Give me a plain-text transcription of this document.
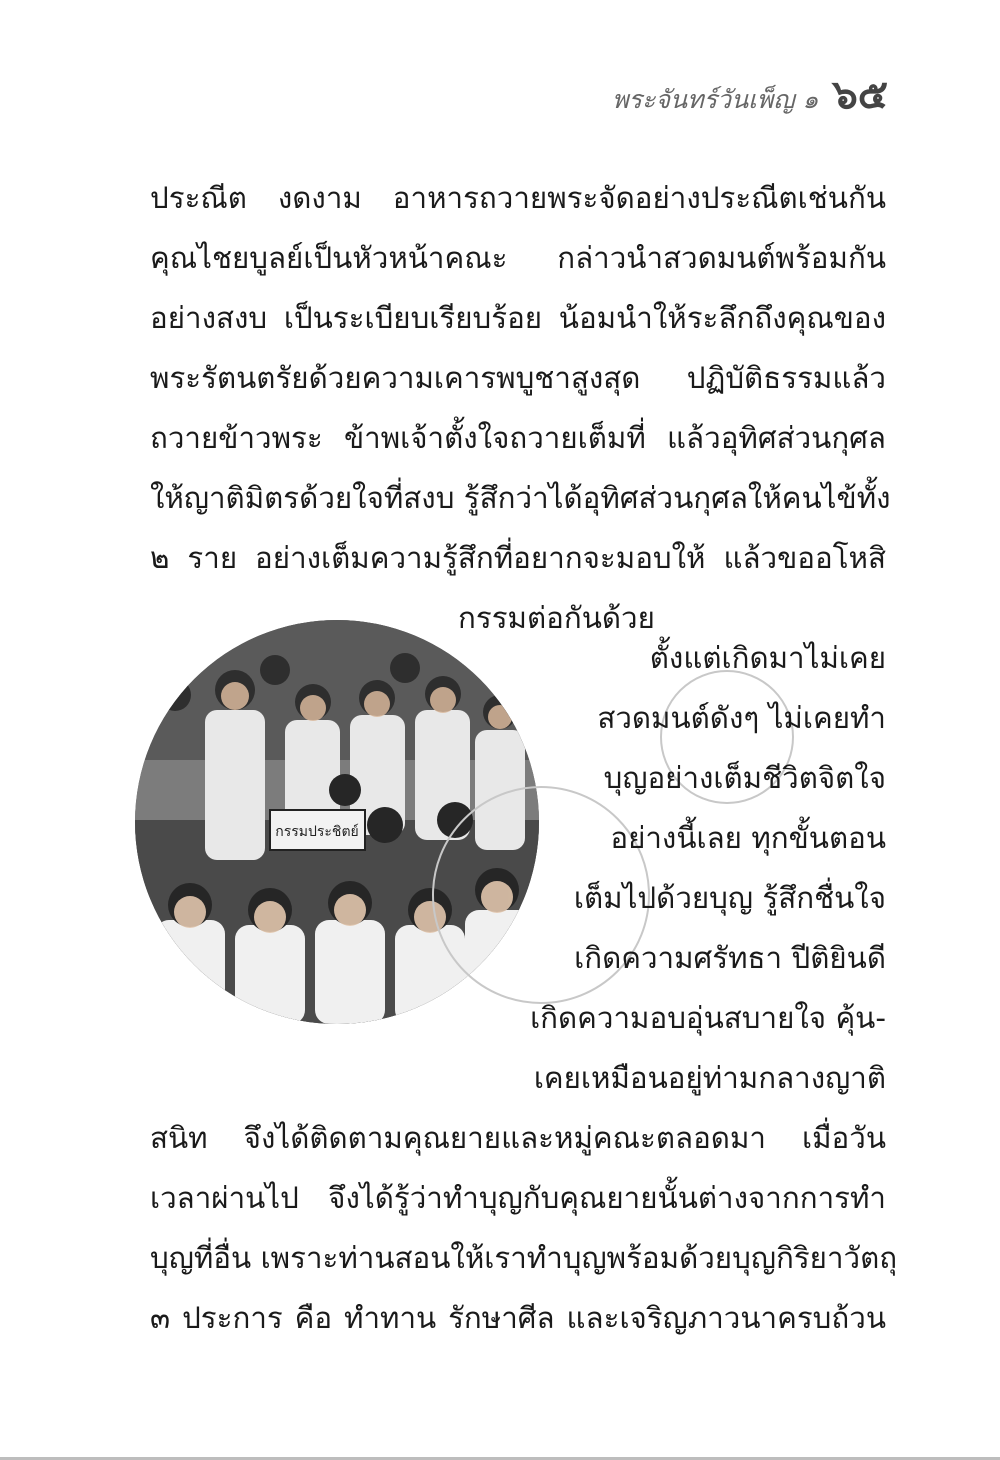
พระจันทร์วันเพ็ญ ๑ ๖๕
ประณีต งดงาม อาหารถวายพระจัดอย่างประณีตเช่นกัน
คุณไชยบูลย์เป็นหัวหน้าคณะ กล่าวนำสวดมนต์พร้อมกัน
อย่างสงบ เป็นระเบียบเรียบร้อย น้อมนำให้ระลึกถึงคุณของ
พระรัตนตรัยด้วยความเคารพบูชาสูงสุด ปฏิบัติธรรมแล้ว
ถวายข้าวพระ ข้าพเจ้าตั้งใจถวายเต็มที่ แล้วอุทิศส่วนกุศล
ให้ญาติมิตรด้วยใจที่สงบ รู้สึกว่าได้อุทิศส่วนกุศลให้คนไข้ทั้ง
๒ ราย อย่างเต็มความรู้สึกที่อยากจะมอบให้ แล้วขออโหสิ
กรรมต่อกันด้วย
กรรมประชิตย์
ตั้งแต่เกิดมาไม่เคย
สวดมนต์ดังๆ ไม่เคยทำ
บุญอย่างเต็มชีวิตจิตใจ
อย่างนี้เลย ทุกขั้นตอน
เต็มไปด้วยบุญ รู้สึกชื่นใจ
เกิดความศรัทธา ปีติยินดี
เกิดความอบอุ่นสบายใจ คุ้น-
เคยเหมือนอยู่ท่ามกลางญาติ
สนิท จึงได้ติดตามคุณยายและหมู่คณะตลอดมา เมื่อวัน
เวลาผ่านไป จึงได้รู้ว่าทำบุญกับคุณยายนั้นต่างจากการทำ
บุญที่อื่น เพราะท่านสอนให้เราทำบุญพร้อมด้วยบุญกิริยาวัตถุ
๓ ประการ คือ ทำทาน รักษาศีล และเจริญภาวนาครบถ้วน
